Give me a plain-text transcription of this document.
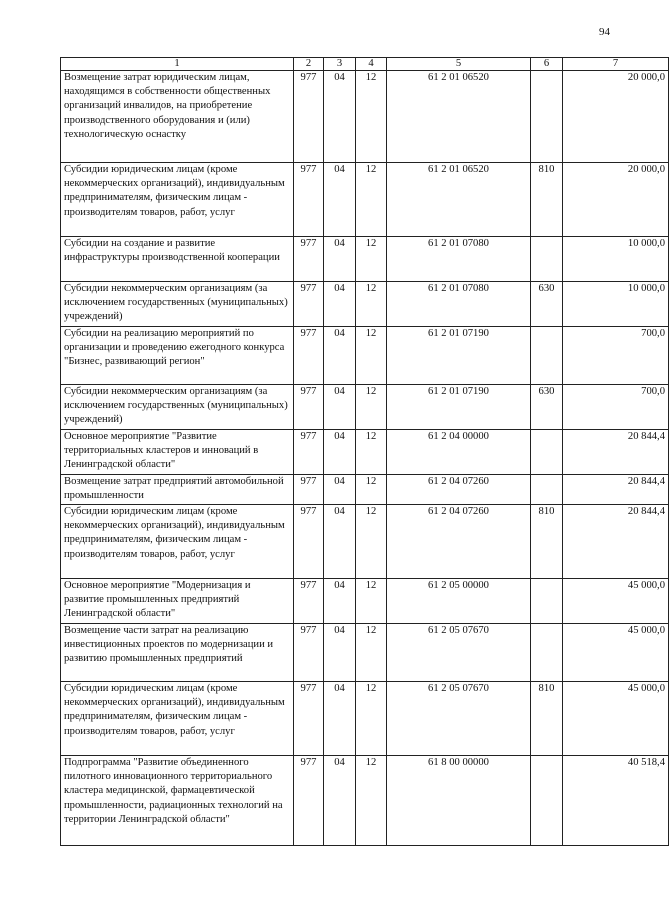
94
1	2	3	4	5	6	7
Возмещение затрат юридическим лицам, находящимся в собственности общественных организаций инвалидов, на приобретение производственного оборудования и (или) технологическую оснастку	977	04	12	61 2 01 06520		20 000,0
Субсидии юридическим лицам (кроме некоммерческих организаций), индивидуальным предпринимателям, физическим лицам - производителям товаров, работ, услуг	977	04	12	61 2 01 06520	810	20 000,0
Субсидии на создание и развитие инфраструктуры производственной кооперации	977	04	12	61 2 01 07080		10 000,0
Субсидии некоммерческим организациям (за исключением государственных (муниципальных) учреждений)	977	04	12	61 2 01 07080	630	10 000,0
Субсидии на реализацию мероприятий по организации и проведению ежегодного конкурса "Бизнес, развивающий регион"	977	04	12	61 2 01 07190		700,0
Субсидии некоммерческим организациям (за исключением государственных (муниципальных) учреждений)	977	04	12	61 2 01 07190	630	700,0
Основное мероприятие "Развитие территориальных кластеров и инноваций в Ленинградской области"	977	04	12	61 2 04 00000		20 844,4
Возмещение затрат предприятий автомобильной промышленности	977	04	12	61 2 04 07260		20 844,4
Субсидии юридическим лицам (кроме некоммерческих организаций), индивидуальным предпринимателям, физическим лицам - производителям товаров, работ, услуг	977	04	12	61 2 04 07260	810	20 844,4
Основное мероприятие "Модернизация и развитие промышленных предприятий Ленинградской области"	977	04	12	61 2 05 00000		45 000,0
Возмещение части затрат на реализацию инвестиционных проектов по модернизации и развитию промышленных предприятий	977	04	12	61 2 05 07670		45 000,0
Субсидии юридическим лицам (кроме некоммерческих организаций), индивидуальным предпринимателям, физическим лицам - производителям товаров, работ, услуг	977	04	12	61 2 05 07670	810	45 000,0
Подпрограмма "Развитие объединенного пилотного инновационного территориального кластера медицинской, фармацевтической промышленности, радиационных технологий на территории Ленинградской области"	977	04	12	61 8 00 00000		40 518,4
